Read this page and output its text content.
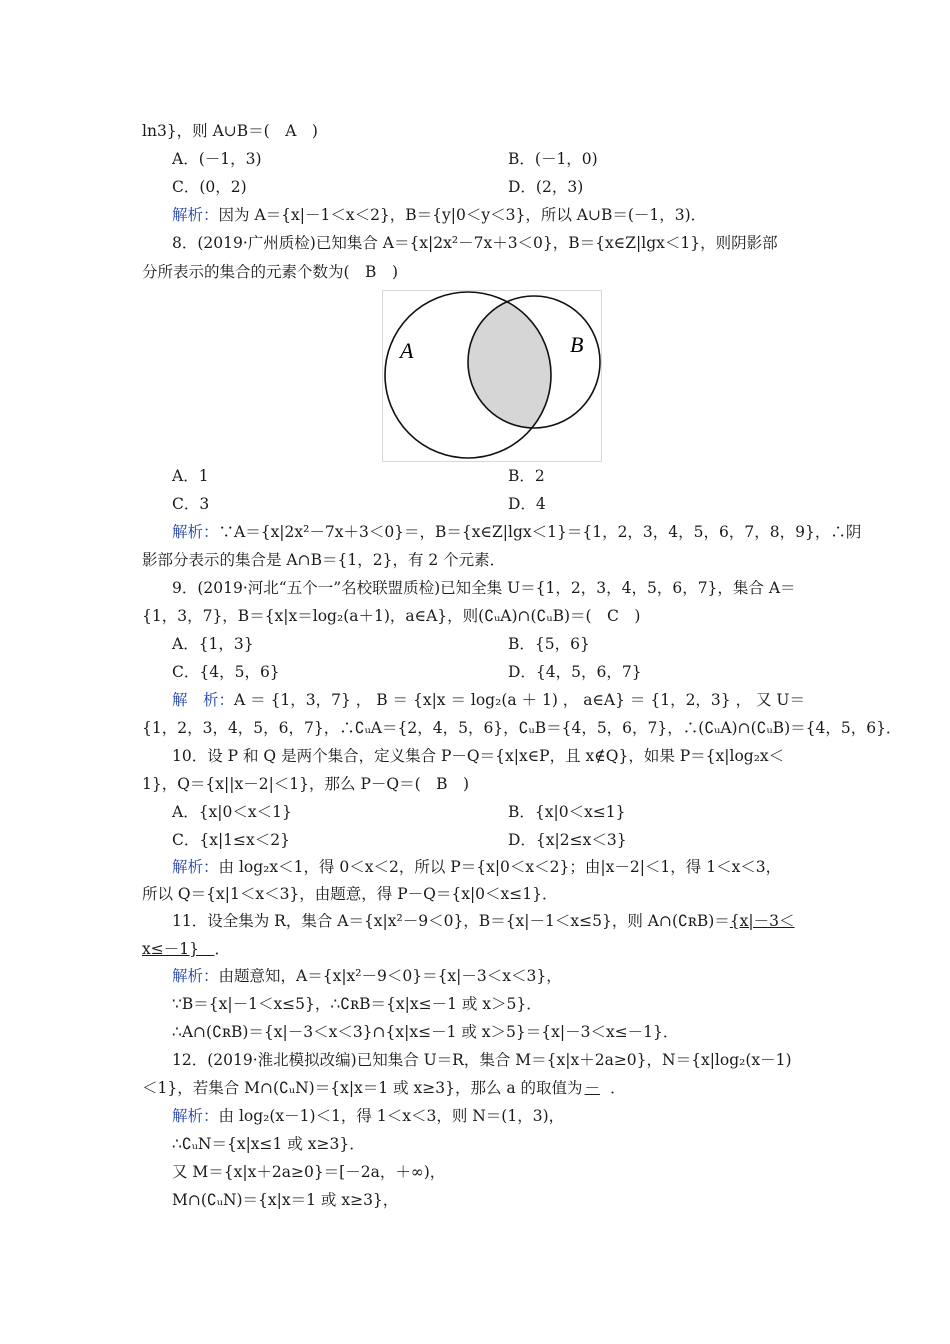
ln3}，则 A∪B＝(　A　)
A．(－1，3)	B．(－1，0)
C．(0，2)	D．(2，3)
解析：因为 A＝{x|－1＜x＜2}，B＝{y|0＜y＜3}，所以 A∪B＝(－1，3)．
8．(2019·广州质检)已知集合 A＝{x|2x²－7x＋3＜0}，B＝{x∈Z|lgx＜1}，则阴影部
分所表示的集合的元素个数为(　B　)
A	B
A．1	B．2
C．3	D．4
解析：∵A＝{x|2x²－7x＋3＜0}＝，B＝{x∈Z|lgx＜1}＝{1，2，3，4，5，6，7，8，9}，∴阴
影部分表示的集合是 A∩B＝{1，2}，有 2 个元素．
9．(2019·河北“五个一”名校联盟质检)已知全集 U＝{1，2，3，4，5，6，7}，集合 A＝
{1，3，7}，B＝{x|x＝log₂(a＋1)，a∈A}，则(∁ᵤA)∩(∁ᵤB)＝(　C　)
A．{1，3}	B．{5，6}
C．{4，5，6}	D．{4，5，6，7}
解　析：A ＝ {1，3，7} ， B ＝ {x|x ＝ log₂(a ＋ 1) ， a∈A} ＝ {1，2，3} ， 又 U＝
{1，2，3，4，5，6，7}，∴∁ᵤA＝{2，4，5，6}，∁ᵤB＝{4，5，6，7}，∴(∁ᵤA)∩(∁ᵤB)＝{4，5，6}．
10．设 P 和 Q 是两个集合，定义集合 P－Q＝{x|x∈P，且 x∉Q}，如果 P＝{x|log₂x＜
1}，Q＝{x||x－2|＜1}，那么 P－Q＝(　B　)
A．{x|0＜x＜1}	B．{x|0＜x≤1}
C．{x|1≤x＜2}	D．{x|2≤x＜3}
解析：由 log₂x＜1，得 0＜x＜2，所以 P＝{x|0＜x＜2}；由|x－2|＜1，得 1＜x＜3，
所以 Q＝{x|1＜x＜3}，由题意，得 P－Q＝{x|0＜x≤1}．
11．设全集为 R，集合 A＝{x|x²－9＜0}，B＝{x|－1＜x≤5}，则 A∩(∁ʀB)＝{x|－3＜
x≤－1}　．
解析：由题意知，A＝{x|x²－9＜0}＝{x|－3＜x＜3}，
∵B＝{x|－1＜x≤5}，∴∁ʀB＝{x|x≤－1 或 x＞5}．
∴A∩(∁ʀB)＝{x|－3＜x＜3}∩{x|x≤－1 或 x＞5}＝{x|－3＜x≤－1}．
12．(2019·淮北模拟改编)已知集合 U＝R，集合 M＝{x|x＋2a≥0}，N＝{x|log₂(x－1)
＜1}，若集合 M∩(∁ᵤN)＝{x|x＝1 或 x≥3}，那么 a 的取值为 － ．
解析：由 log₂(x－1)＜1，得 1＜x＜3，则 N＝(1，3)，
∴∁ᵤN＝{x|x≤1 或 x≥3}．
又 M＝{x|x＋2a≥0}＝[－2a，＋∞)，
M∩(∁ᵤN)＝{x|x＝1 或 x≥3}，
